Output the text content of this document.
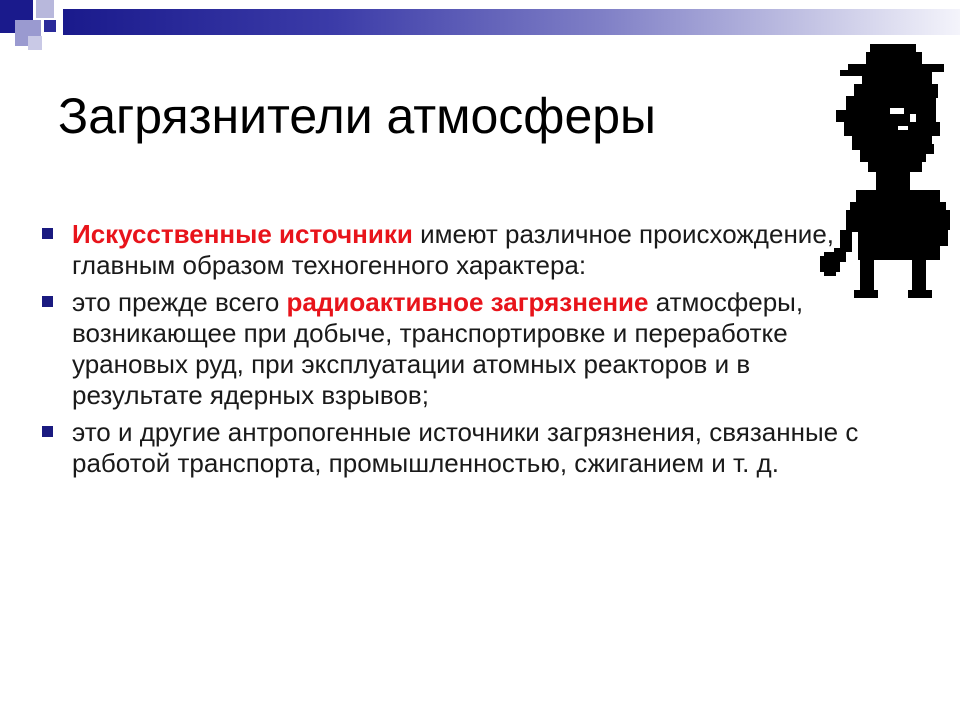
Загрязнители атмосферы
Искусственные источники имеют различное происхождение, главным образом техногенного характера:
это прежде всего радиоактивное загрязнение атмосферы, возникающее при добыче, транспортировке и переработке урановых руд, при эксплуатации атомных реакторов и в результате ядерных взрывов;
это и другие антропогенные источники загрязнения, связанные с работой транспорта, промышленностью, сжиганием и т. д.
